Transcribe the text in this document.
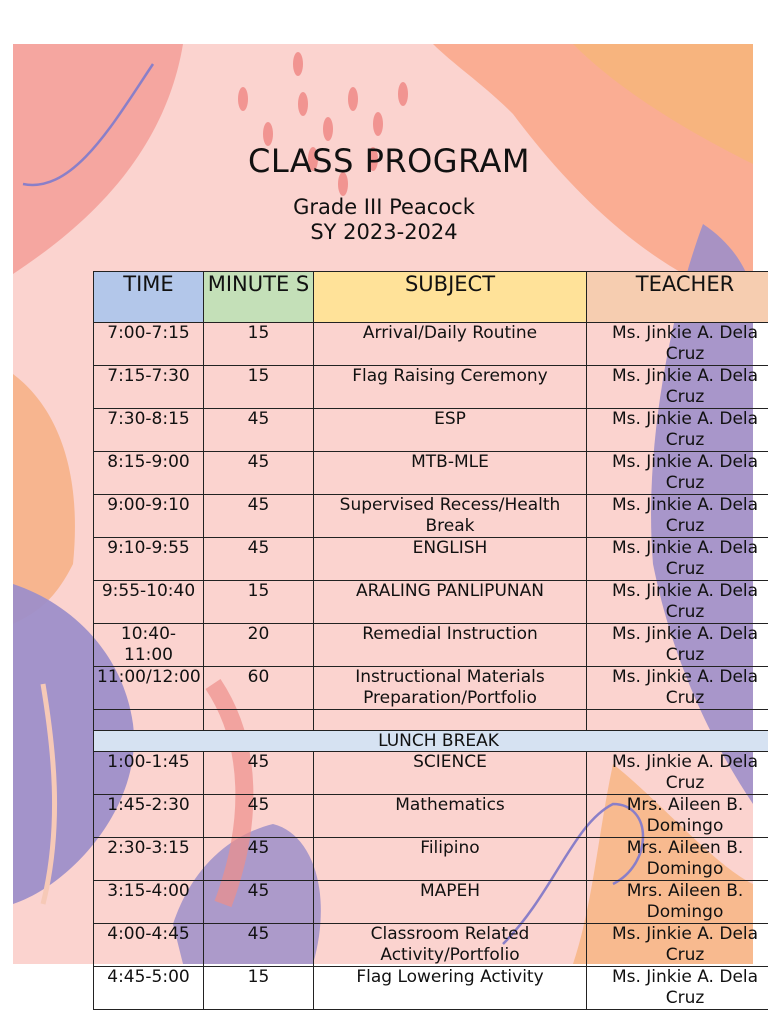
CLASS PROGRAM
Grade III Peacock
SY 2023-2024
TIME	MINUTE S	SUBJECT	TEACHER
7:00-7:15	15	Arrival/Daily Routine	Ms. Jinkie A. Dela Cruz
7:15-7:30	15	Flag Raising Ceremony	Ms. Jinkie A. Dela Cruz
7:30-8:15	45	ESP	Ms. Jinkie A. Dela Cruz
8:15-9:00	45	MTB-MLE	Ms. Jinkie A. Dela Cruz
9:00-9:10	45	Supervised Recess/Health Break	Ms. Jinkie A. Dela Cruz
9:10-9:55	45	ENGLISH	Ms. Jinkie A. Dela Cruz
9:55-10:40	15	ARALING PANLIPUNAN	Ms. Jinkie A. Dela Cruz
10:40-11:00	20	Remedial Instruction	Ms. Jinkie A. Dela Cruz
11:00/12:00	60	Instructional Materials Preparation/Portfolio	Ms. Jinkie A. Dela Cruz

LUNCH BREAK			
1:00-1:45	45	SCIENCE	Ms. Jinkie A. Dela Cruz
1:45-2:30	45	Mathematics	Mrs. Aileen B. Domingo
2:30-3:15	45	Filipino	Mrs. Aileen B. Domingo
3:15-4:00	45	MAPEH	Mrs. Aileen B. Domingo
4:00-4:45	45	Classroom Related Activity/Portfolio	Ms. Jinkie A. Dela Cruz
4:45-5:00	15	Flag Lowering Activity	Ms. Jinkie A. Dela Cruz
